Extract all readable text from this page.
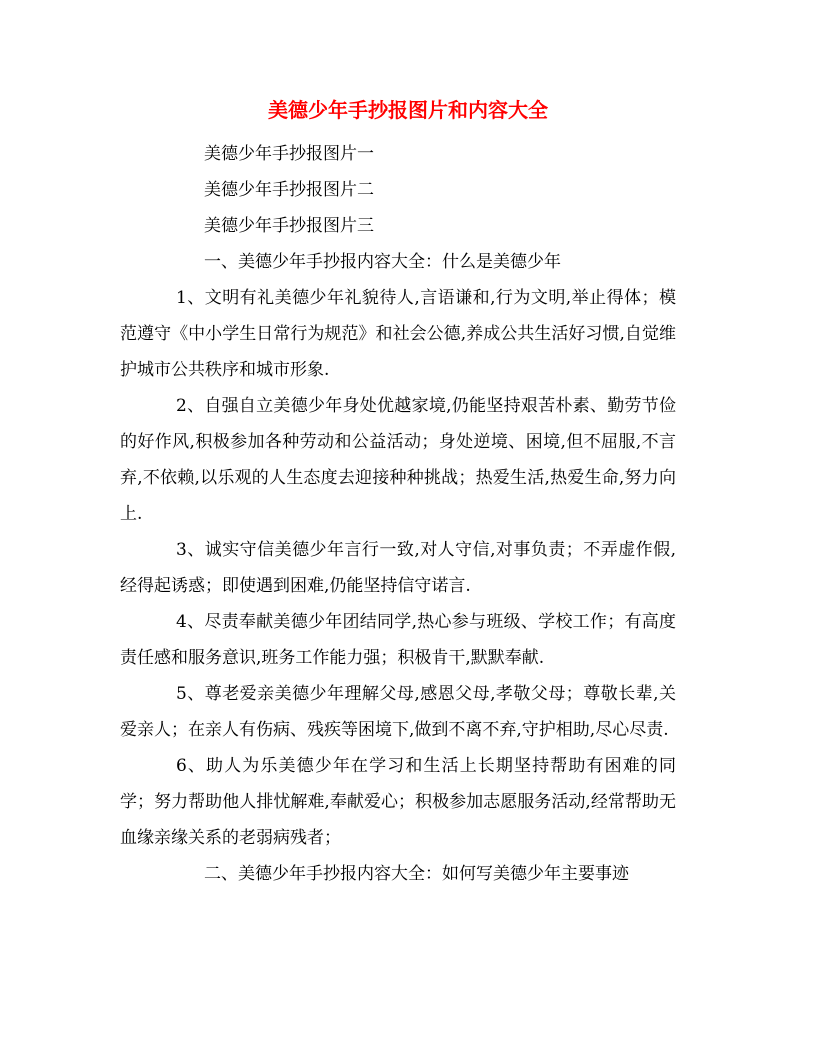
美德少年手抄报图片和内容大全

美德少年手抄报图片一

美德少年手抄报图片二

美德少年手抄报图片三

一、美德少年手抄报内容大全：什么是美德少年

1、文明有礼美德少年礼貌待人,言语谦和,行为文明,举止得体；模范遵守《中小学生日常行为规范》和社会公德,养成公共生活好习惯,自觉维护城市公共秩序和城市形象.

2、自强自立美德少年身处优越家境,仍能坚持艰苦朴素、勤劳节俭的好作风,积极参加各种劳动和公益活动；身处逆境、困境,但不屈服,不言弃,不依赖,以乐观的人生态度去迎接种种挑战；热爱生活,热爱生命,努力向上.

3、诚实守信美德少年言行一致,对人守信,对事负责；不弄虚作假,经得起诱惑；即使遇到困难,仍能坚持信守诺言.

4、尽责奉献美德少年团结同学,热心参与班级、学校工作；有高度责任感和服务意识,班务工作能力强；积极肯干,默默奉献.

5、尊老爱亲美德少年理解父母,感恩父母,孝敬父母；尊敬长辈,关爱亲人；在亲人有伤病、残疾等困境下,做到不离不弃,守护相助,尽心尽责.

6、助人为乐美德少年在学习和生活上长期坚持帮助有困难的同学；努力帮助他人排忧解难,奉献爱心；积极参加志愿服务活动,经常帮助无血缘亲缘关系的老弱病残者；

二、美德少年手抄报内容大全：如何写美德少年主要事迹
